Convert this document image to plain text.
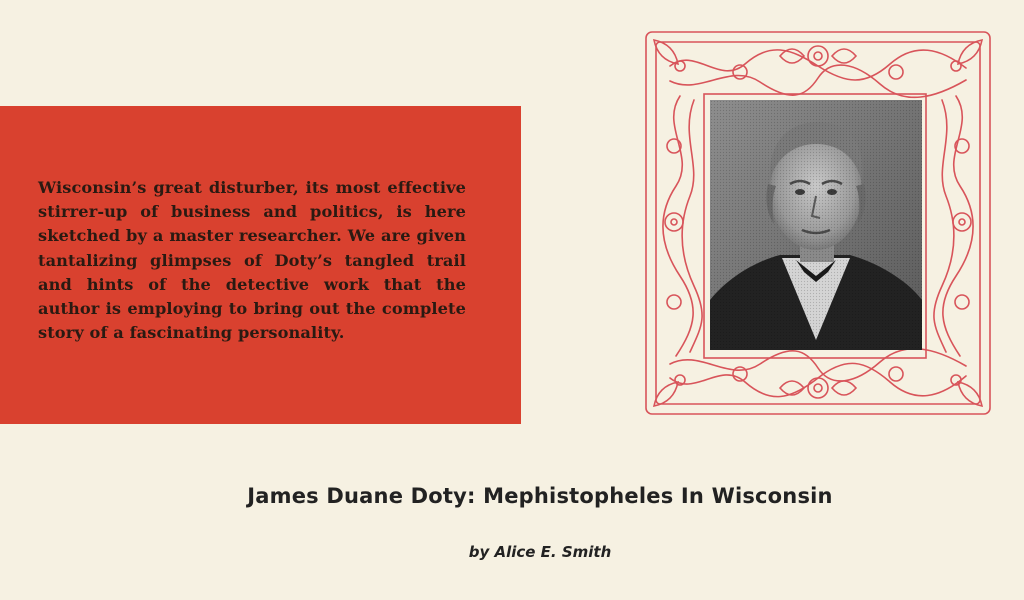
Wisconsin’s great disturber, its most effective stirrer-up of business and politics, is here sketched by a master researcher. We are given tantalizing glimpses of Doty’s tangled trail and hints of the detective work that the author is employing to bring out the complete story of a fascinating personality.

James Duane Doty: Mephistopheles In Wisconsin

by Alice E. Smith
